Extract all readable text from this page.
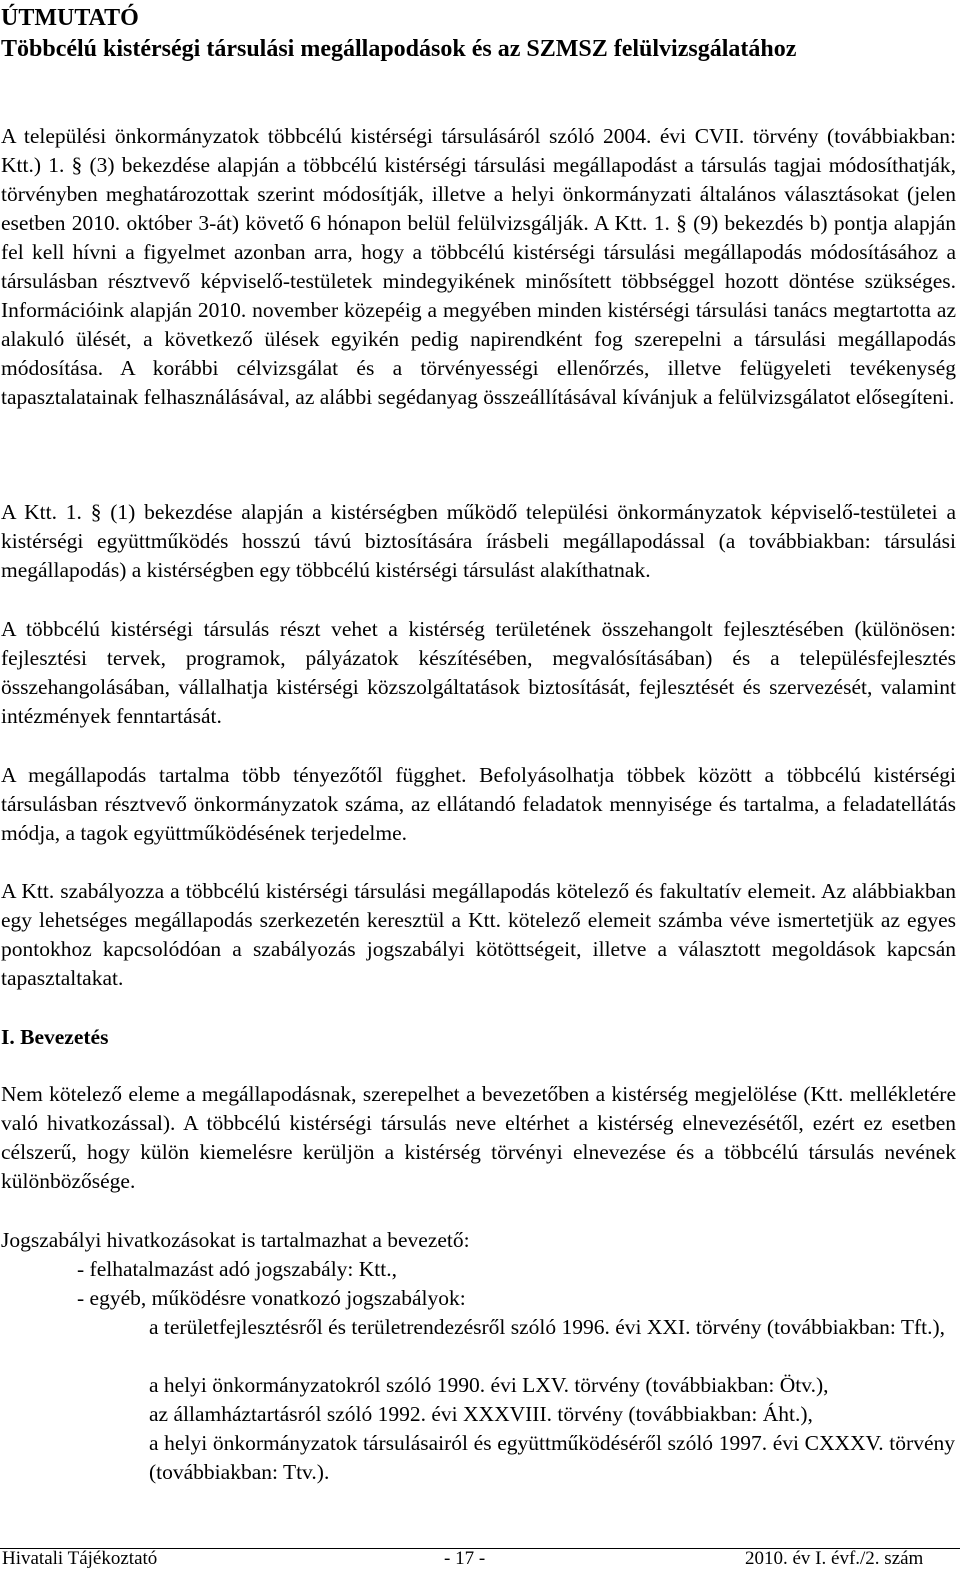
ÚTMUTATÓ
Többcélú kistérségi társulási megállapodások és az SZMSZ felülvizsgálatához
A települési önkormányzatok többcélú kistérségi társulásáról szóló 2004. évi CVII. törvény (továbbiakban: Ktt.) 1. § (3) bekezdése alapján a többcélú kistérségi társulási megállapodást a társulás tagjai módosíthatják, törvényben meghatározottak szerint módosítják, illetve a helyi önkormányzati általános választásokat (jelen esetben 2010. október 3-át) követő 6 hónapon belül felülvizsgálják. A Ktt. 1. § (9) bekezdés b) pontja alapján fel kell hívni a figyelmet azonban arra, hogy a többcélú kistérségi társulási megállapodás módosításához a társulásban résztvevő képviselő-testületek mindegyikének minősített többséggel hozott döntése szükséges. Információink alapján 2010. november közepéig a megyében minden kistérségi társulási tanács megtartotta az alakuló ülését, a következő ülések egyikén pedig napirendként fog szerepelni a társulási megállapodás módosítása. A korábbi célvizsgálat és a törvényességi ellenőrzés, illetve felügyeleti tevékenység tapasztalatainak felhasználásával, az alábbi segédanyag összeállításával kívánjuk a felülvizsgálatot elősegíteni.
A Ktt. 1. § (1) bekezdése alapján a kistérségben működő települési önkormányzatok képviselő-testületei a kistérségi együttműködés hosszú távú biztosítására írásbeli megállapodással (a továbbiakban: társulási megállapodás) a kistérségben egy többcélú kistérségi társulást alakíthatnak.
A többcélú kistérségi társulás részt vehet a kistérség területének összehangolt fejlesztésében (különösen: fejlesztési tervek, programok, pályázatok készítésében, megvalósításában) és a településfejlesztés összehangolásában, vállalhatja kistérségi közszolgáltatások biztosítását, fejlesztését és szervezését, valamint intézmények fenntartását.
A megállapodás tartalma több tényezőtől függhet. Befolyásolhatja többek között a többcélú kistérségi társulásban résztvevő önkormányzatok száma, az ellátandó feladatok mennyisége és tartalma, a feladatellátás módja, a tagok együttműködésének terjedelme.
A Ktt. szabályozza a többcélú kistérségi társulási megállapodás kötelező és fakultatív elemeit. Az alábbiakban egy lehetséges megállapodás szerkezetén keresztül a Ktt. kötelező elemeit számba véve ismertetjük az egyes pontokhoz kapcsolódóan a szabályozás jogszabályi kötöttségeit, illetve a választott megoldások kapcsán tapasztaltakat.
I. Bevezetés
Nem kötelező eleme a megállapodásnak, szerepelhet a bevezetőben a kistérség megjelölése (Ktt. mellékletére való hivatkozással). A többcélú kistérségi társulás neve eltérhet a kistérség elnevezésétől, ezért ez esetben célszerű, hogy külön kiemelésre kerüljön a kistérség törvényi elnevezése és a többcélú társulás nevének különbözősége.
Jogszabályi hivatkozásokat is tartalmazhat a bevezető:
- felhatalmazást adó jogszabály: Ktt.,
- egyéb, működésre vonatkozó jogszabályok:
a területfejlesztésről és területrendezésről szóló 1996. évi XXI. törvény (továbbiakban: Tft.),
a helyi önkormányzatokról szóló 1990. évi LXV. törvény (továbbiakban: Ötv.),
az államháztartásról szóló 1992. évi XXXVIII. törvény (továbbiakban: Áht.),
a helyi önkormányzatok társulásairól és együttműködéséről szóló 1997. évi CXXXV. törvény (továbbiakban: Ttv.).
Hivatali Tájékoztató	- 17 -	2010. év I. évf./2. szám
